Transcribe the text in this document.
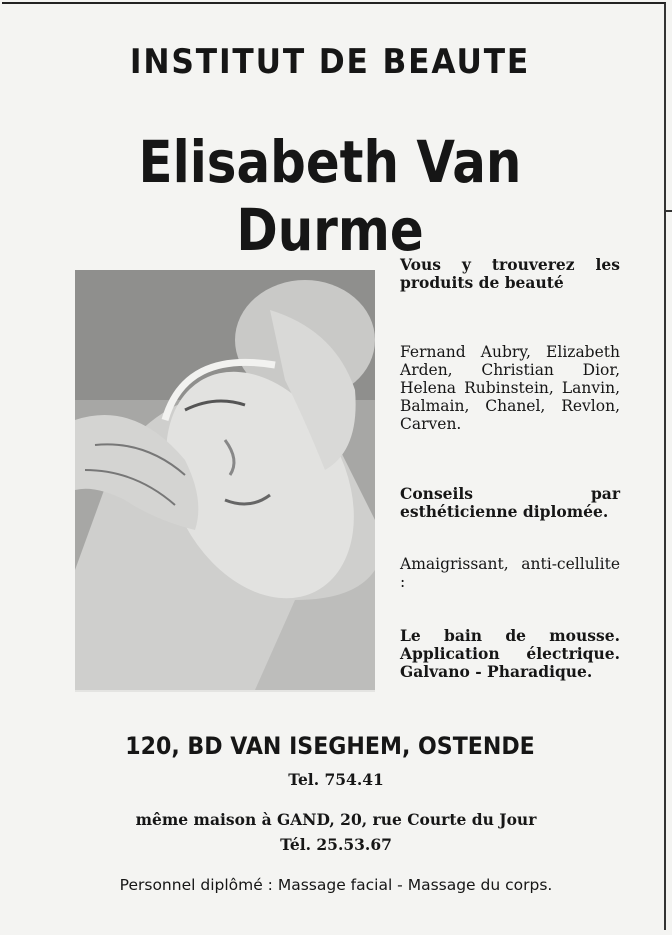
INSTITUT DE BEAUTE
Elisabeth Van Durme
Vous y trouverez les produits de beauté
Fernand Aubry, Elizabeth Arden, Christian Dior, Helena Rubinstein, Lanvin, Balmain, Chanel, Revlon, Carven.
Conseils par esthéticienne diplomée.
Amaigrissant, anti-cellulite :
Le bain de mousse. Application électrique. Galvano - Pharadique.
120, BD VAN ISEGHEM, OSTENDE
Tel. 754.41
même maison à GAND, 20, rue Courte du Jour
Tél. 25.53.67
Personnel diplômé : Massage facial - Massage du corps.
